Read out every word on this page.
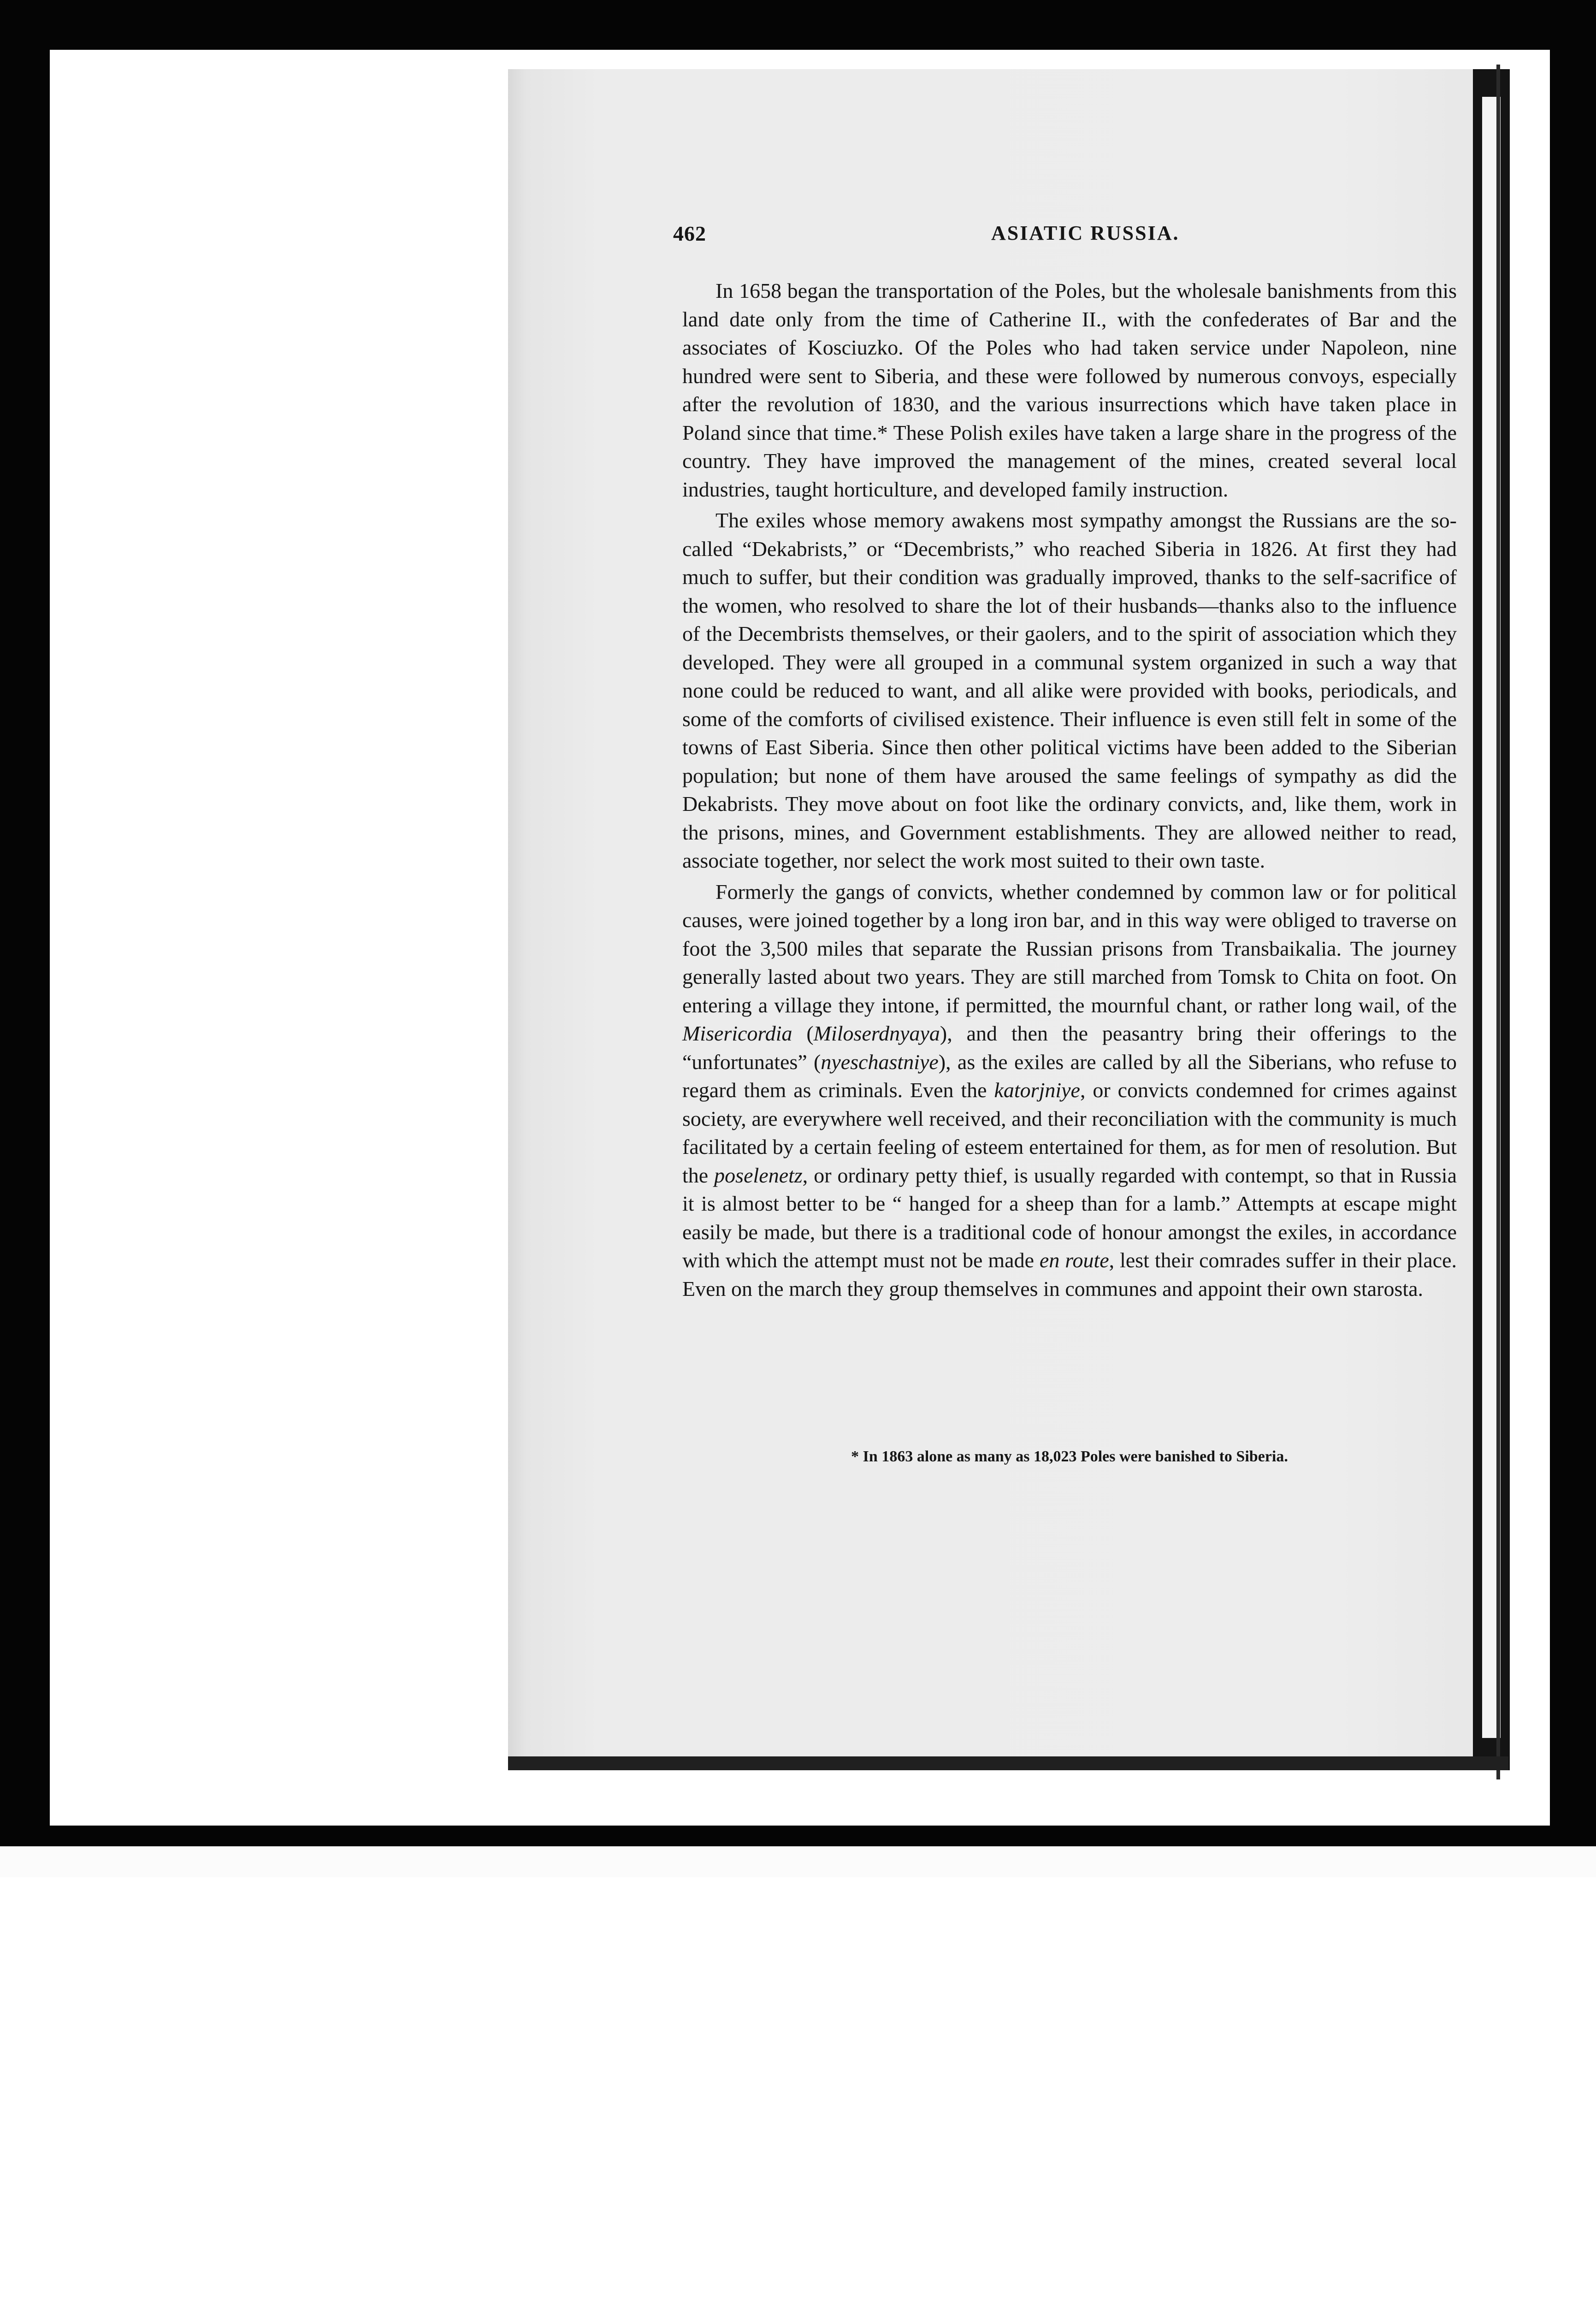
462	ASIATIC RUSSIA.

In 1658 began the transportation of the Poles, but the wholesale banishments from this land date only from the time of Catherine II., with the confederates of Bar and the associates of Kosciuzko. Of the Poles who had taken service under Napoleon, nine hundred were sent to Siberia, and these were followed by numerous convoys, especially after the revolution of 1830, and the various insurrections which have taken place in Poland since that time.* These Polish exiles have taken a large share in the progress of the country. They have improved the management of the mines, created several local industries, taught horticulture, and developed family instruction.

The exiles whose memory awakens most sympathy amongst the Russians are the so-called “Dekabrists,” or “Decembrists,” who reached Siberia in 1826. At first they had much to suffer, but their condition was gradually improved, thanks to the self-sacrifice of the women, who resolved to share the lot of their husbands—thanks also to the influence of the Decembrists themselves, or their gaolers, and to the spirit of association which they developed. They were all grouped in a communal system organized in such a way that none could be reduced to want, and all alike were provided with books, periodicals, and some of the comforts of civilised existence. Their influence is even still felt in some of the towns of East Siberia. Since then other political victims have been added to the Siberian population; but none of them have aroused the same feelings of sympathy as did the Dekabrists. They move about on foot like the ordinary convicts, and, like them, work in the prisons, mines, and Government establishments. They are allowed neither to read, associate together, nor select the work most suited to their own taste.

Formerly the gangs of convicts, whether condemned by common law or for political causes, were joined together by a long iron bar, and in this way were obliged to traverse on foot the 3,500 miles that separate the Russian prisons from Transbaikalia. The journey generally lasted about two years. They are still marched from Tomsk to Chita on foot. On entering a village they intone, if permitted, the mournful chant, or rather long wail, of the Misericordia (Miloserdnyaya), and then the peasantry bring their offerings to the “unfortunates” (nyeschastniye), as the exiles are called by all the Siberians, who refuse to regard them as criminals. Even the katorjniye, or convicts condemned for crimes against society, are everywhere well received, and their reconciliation with the community is much facilitated by a certain feeling of esteem entertained for them, as for men of resolution. But the poselenetz, or ordinary petty thief, is usually regarded with contempt, so that in Russia it is almost better to be “ hanged for a sheep than for a lamb.” Attempts at escape might easily be made, but there is a traditional code of honour amongst the exiles, in accordance with which the attempt must not be made en route, lest their comrades suffer in their place. Even on the march they group themselves in communes and appoint their own starosta.

* In 1863 alone as many as 18,023 Poles were banished to Siberia.
